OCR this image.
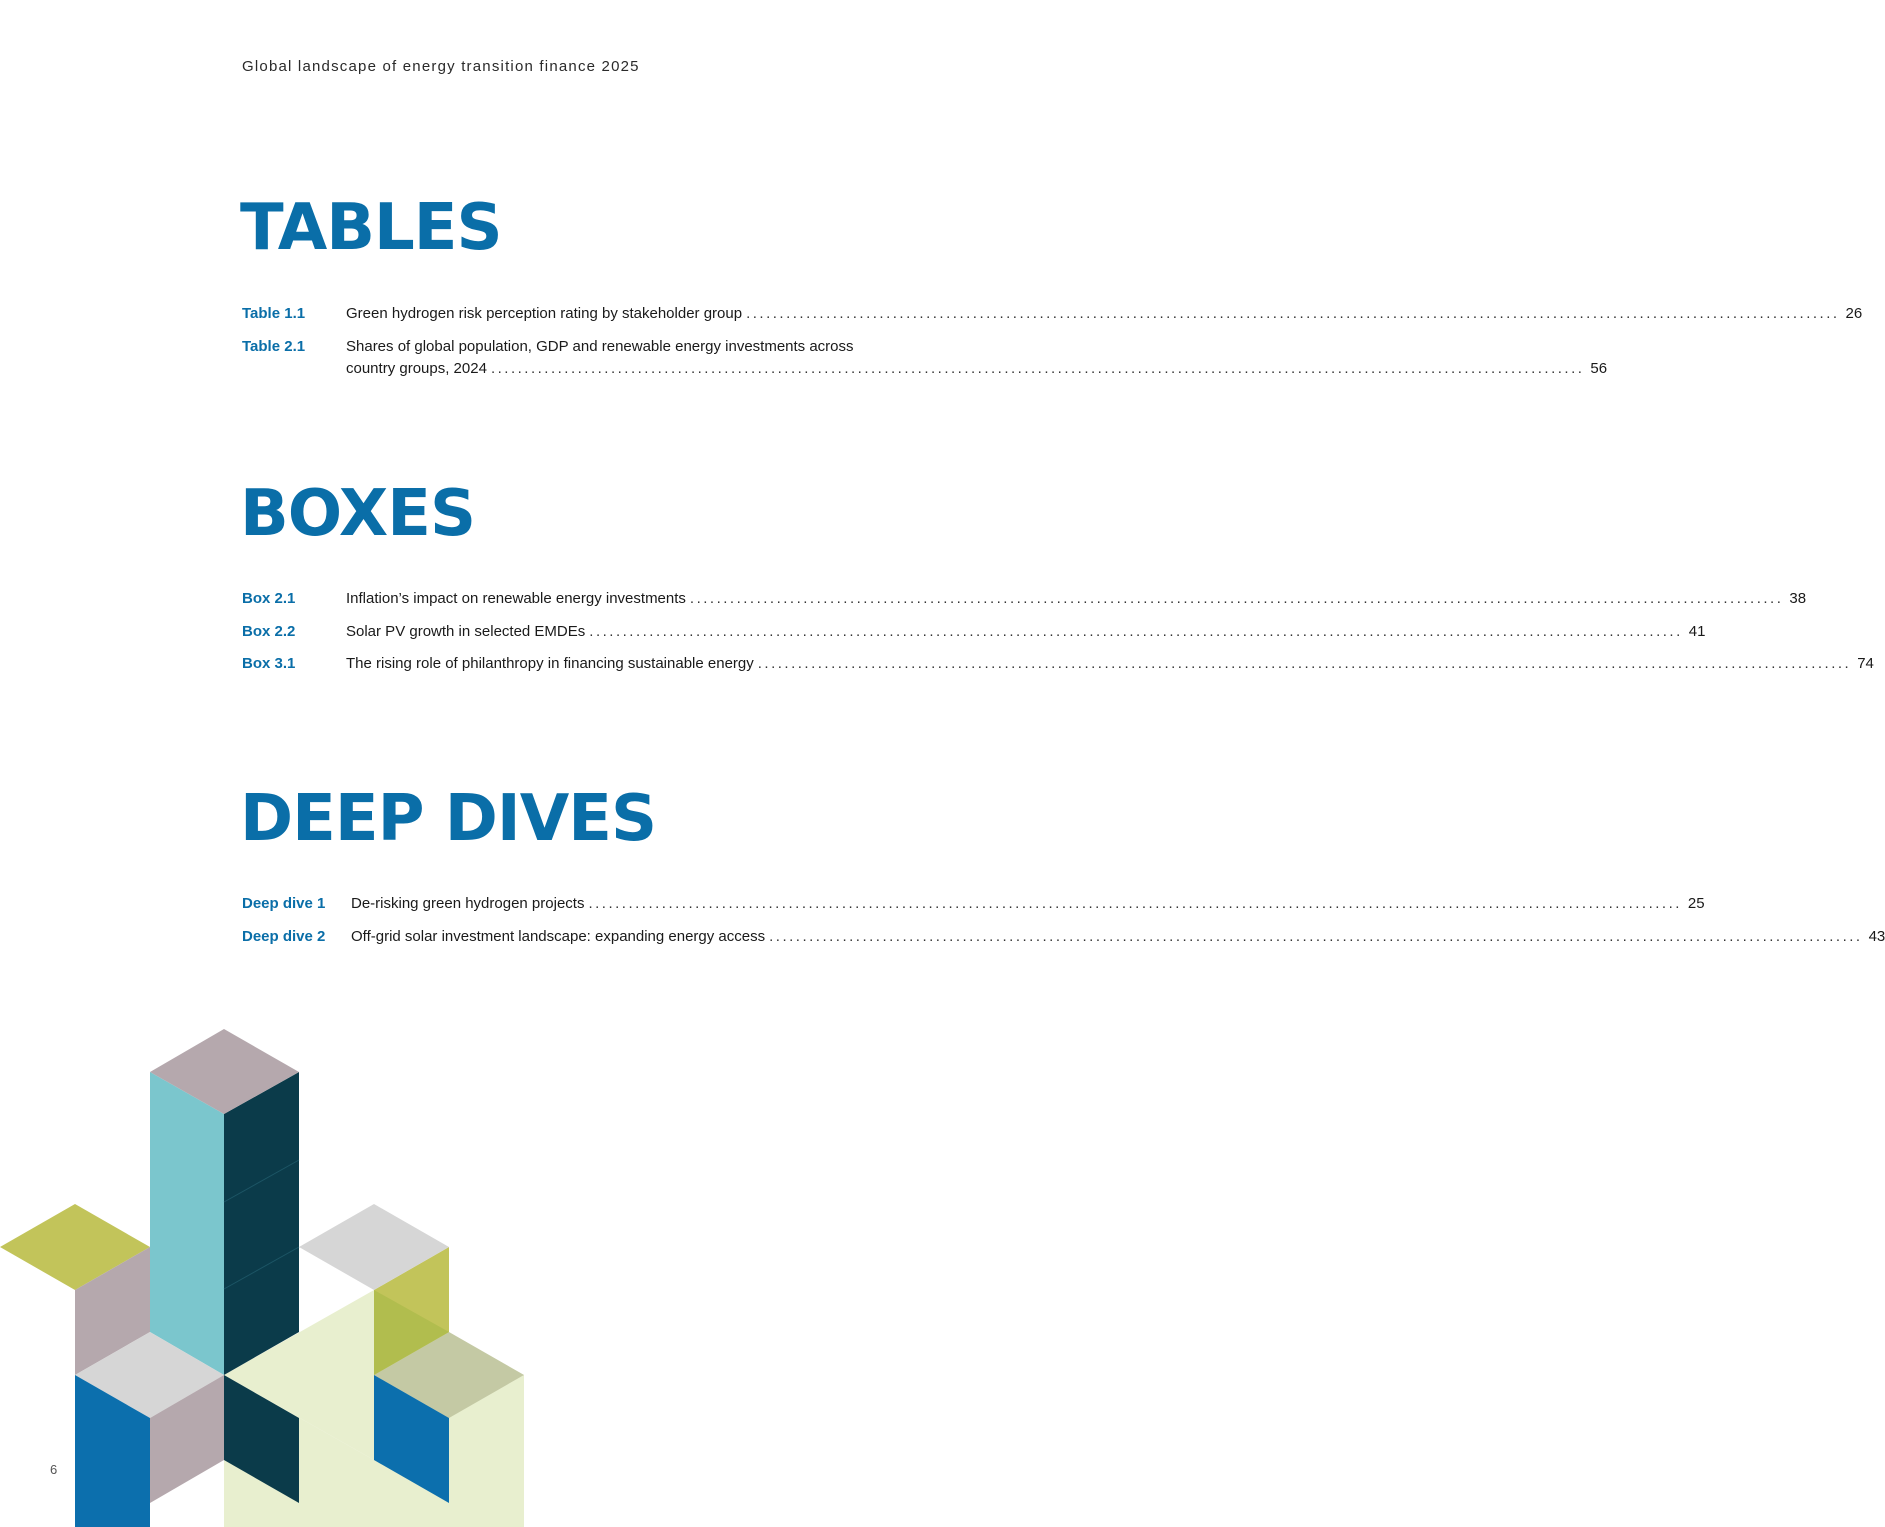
Global landscape of energy transition finance 2025
TABLES
Table 1.1	Green hydrogen risk perception rating by stakeholder group .................................................................................................................................................................... 26
Table 2.1	Shares of global population, GDP and renewable energy investments across
country groups, 2024 .................................................................................................................................................................... 56
BOXES
Box 2.1	Inflation’s impact on renewable energy investments .................................................................................................................................................................... 38
Box 2.2	Solar PV growth in selected EMDEs .................................................................................................................................................................... 41
Box 3.1	The rising role of philanthropy in financing sustainable energy .................................................................................................................................................................... 74
DEEP DIVES
Deep dive 1 De-risking green hydrogen projects .................................................................................................................................................................... 25
Deep dive 2 Off-grid solar investment landscape: expanding energy access .................................................................................................................................................................... 43
6
